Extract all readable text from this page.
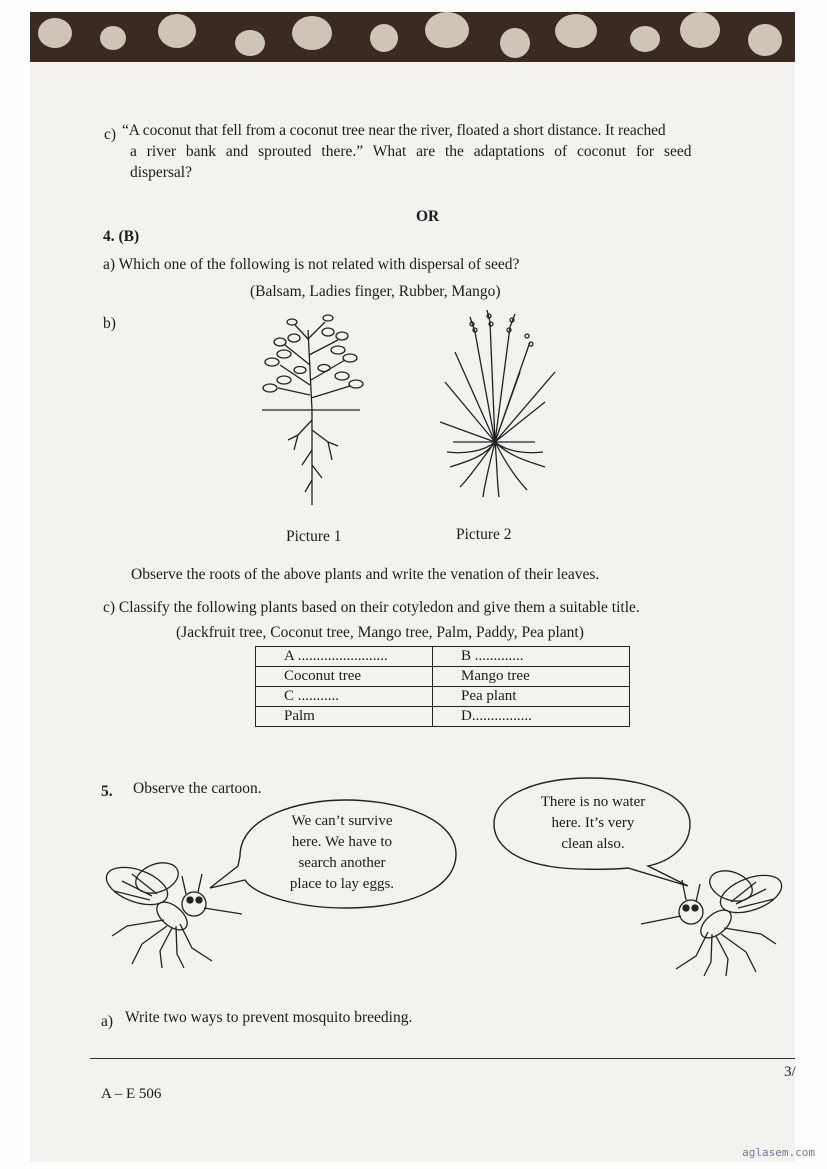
c) “A coconut that fell from a coconut tree near the river, floated a short distance. It reached
a river bank and sprouted there.” What are the adaptations of coconut for seed
dispersal?
OR
4. (B)
a) Which one of the following is not related with dispersal of seed?
(Balsam, Ladies finger, Rubber, Mango)
b)
Picture 1	Picture 2
Observe the roots of the above plants and write the venation of their leaves.
c) Classify the following plants based on their cotyledon and give them a suitable title.
(Jackfruit tree, Coconut tree, Mango tree, Palm, Paddy, Pea plant)
A ........................	B .............
Coconut tree	Mango tree
C ...........	Pea plant
Palm	D................
5. Observe the cartoon.
We can’t survive
here. We have to
search another
place to lay eggs.
There is no water
here. It’s very
clean also.
a) Write two ways to prevent mosquito breeding.
A – E 506
3/
aglasem.com
